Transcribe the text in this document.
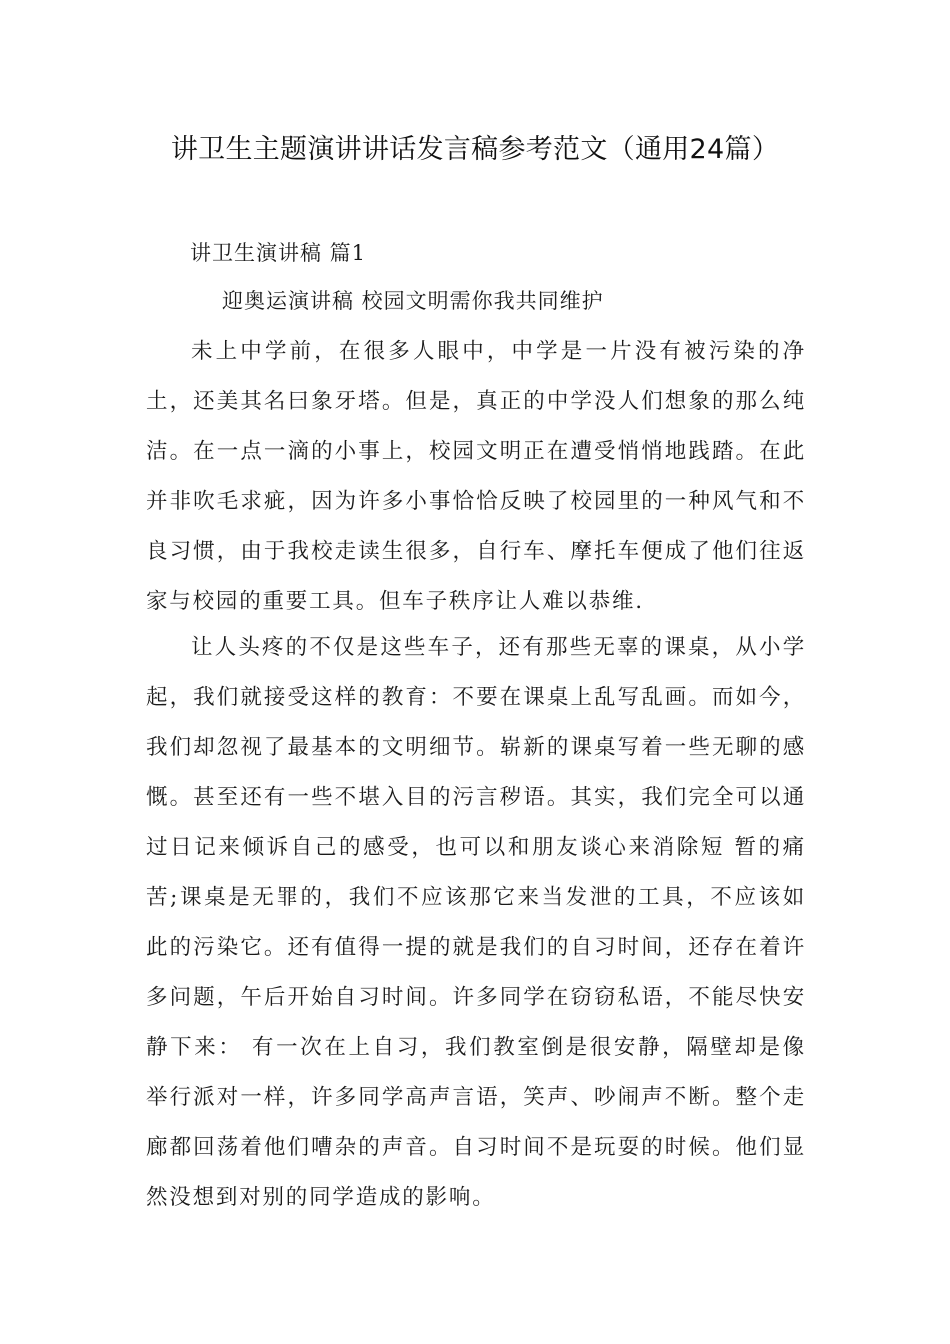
讲卫生主题演讲讲话发言稿参考范文（通用24篇）
讲卫生演讲稿 篇1
迎奥运演讲稿 校园文明需你我共同维护

未上中学前，在很多人眼中，中学是一片没有被污染的净土，还美其名曰象牙塔。但是，真正的中学没人们想象的那么纯洁。在一点一滴的小事上，校园文明正在遭受悄悄地践踏。在此并非吹毛求疵，因为许多小事恰恰反映了校园里的一种风气和不良习惯，由于我校走读生很多，自行车、摩托车便成了他们往返家与校园的重要工具。但车子秩序让人难以恭维.

让人头疼的不仅是这些车子，还有那些无辜的课桌，从小学起，我们就接受这样的教育：不要在课桌上乱写乱画。而如今，我们却忽视了最基本的文明细节。崭新的课桌写着一些无聊的感慨。甚至还有一些不堪入目的污言秽语。其实，我们完全可以通过日记来倾诉自己的感受，也可以和朋友谈心来消除短 暂的痛苦;课桌是无罪的，我们不应该那它来当发泄的工具，不应该如此的污染它。还有值得一提的就是我们的自习时间，还存在着许多问题，午后开始自习时间。许多同学在窃窃私语，不能尽快安静下来： 有一次在上自习，我们教室倒是很安静，隔壁却是像举行派对一样，许多同学高声言语，笑声、吵闹声不断。整个走廊都回荡着他们嘈杂的声音。自习时间不是玩耍的时候。他们显然没想到对别的同学造成的影响。
